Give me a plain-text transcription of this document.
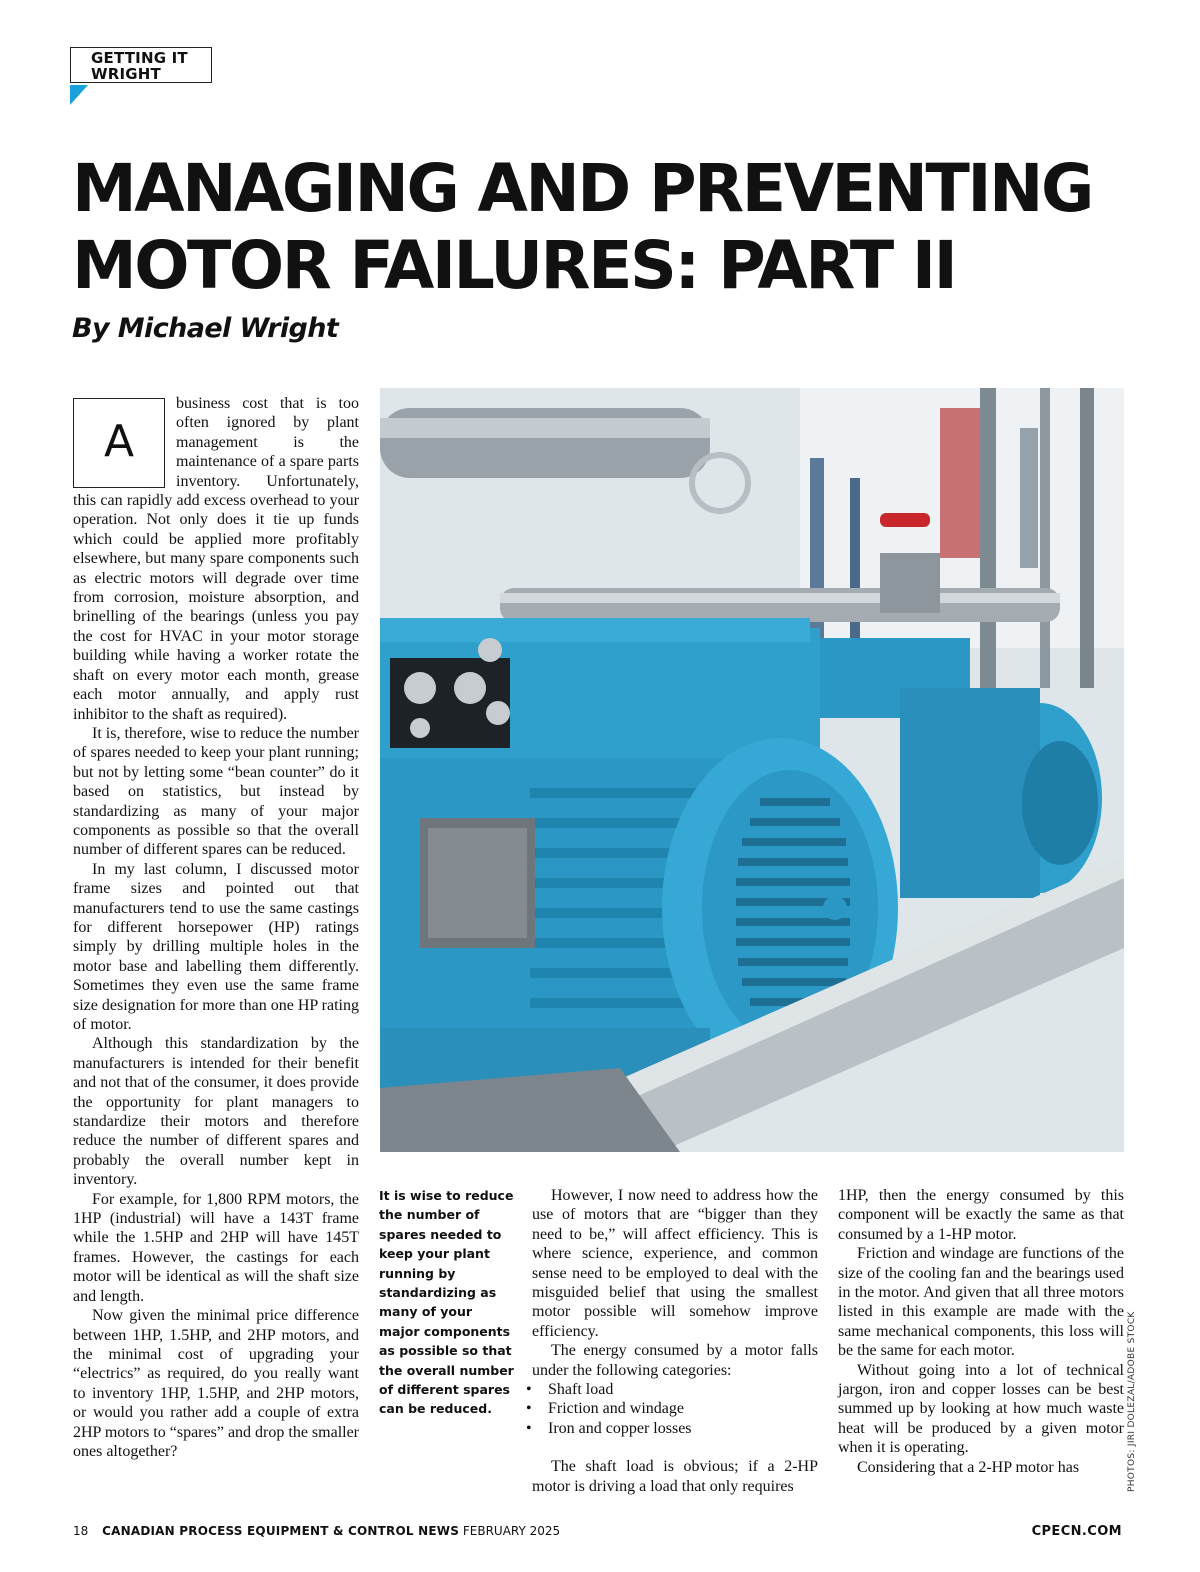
GETTING IT
WRIGHT
MANAGING AND PREVENTING
MOTOR FAILURES: PART II
By Michael Wright
A

business cost that is too often ignored by plant management is the maintenance of a spare parts inventory. Unfortunately, this can rapidly add excess overhead to your operation. Not only does it tie up funds which could be applied more profitably elsewhere, but many spare components such as electric motors will degrade over time from corrosion, moisture absorption, and brinelling of the bearings (unless you pay the cost for HVAC in your motor storage building while having a worker rotate the shaft on every motor each month, grease each motor annually, and apply rust inhibitor to the shaft as required).

It is, therefore, wise to reduce the number of spares needed to keep your plant running; but not by letting some “bean counter” do it based on statistics, but instead by standardizing as many of your major components as possible so that the overall number of different spares can be reduced.

In my last column, I discussed motor frame sizes and pointed out that manufacturers tend to use the same castings for different horsepower (HP) ratings simply by drilling multiple holes in the motor base and labelling them differently. Sometimes they even use the same frame size designation for more than one HP rating of motor.

Although this standardization by the manufacturers is intended for their benefit and not that of the consumer, it does provide the opportunity for plant managers to standardize their motors and therefore reduce the number of different spares and probably the overall number kept in inventory.

For example, for 1,800 RPM motors, the 1HP (industrial) will have a 143T frame while the 1.5HP and 2HP will have 145T frames. However, the castings for each motor will be identical as will the shaft size and length.

Now given the minimal price difference between 1HP, 1.5HP, and 2HP motors, and the minimal cost of upgrading your “electrics” as required, do you really want to inventory 1HP, 1.5HP, and 2HP motors, or would you rather add a couple of extra 2HP motors to “spares” and drop the smaller ones altogether?

It is wise to reduce the number of spares needed to keep your plant running by standardizing as many of your major components as possible so that the overall number of different spares can be reduced.

However, I now need to address how the use of motors that are “bigger than they need to be,” will affect efficiency. This is where science, experience, and common sense need to be employed to deal with the misguided belief that using the smallest motor possible will somehow improve efficiency.

The energy consumed by a motor falls under the following categories:

• Shaft load
• Friction and windage
• Iron and copper losses

The shaft load is obvious; if a 2-HP motor is driving a load that only requires

1HP, then the energy consumed by this component will be exactly the same as that consumed by a 1-HP motor.

Friction and windage are functions of the size of the cooling fan and the bearings used in the motor. And given that all three motors listed in this example are made with the same mechanical components, this loss will be the same for each motor.

Without going into a lot of technical jargon, iron and copper losses can be best summed up by looking at how much waste heat will be produced by a given motor when it is operating.

Considering that a 2-HP motor has	PHOTOS: JIRI DOLEZAL/ADOBE STOCK
18 CANADIAN PROCESS EQUIPMENT & CONTROL NEWS FEBRUARY 2025	CPECN.COM
